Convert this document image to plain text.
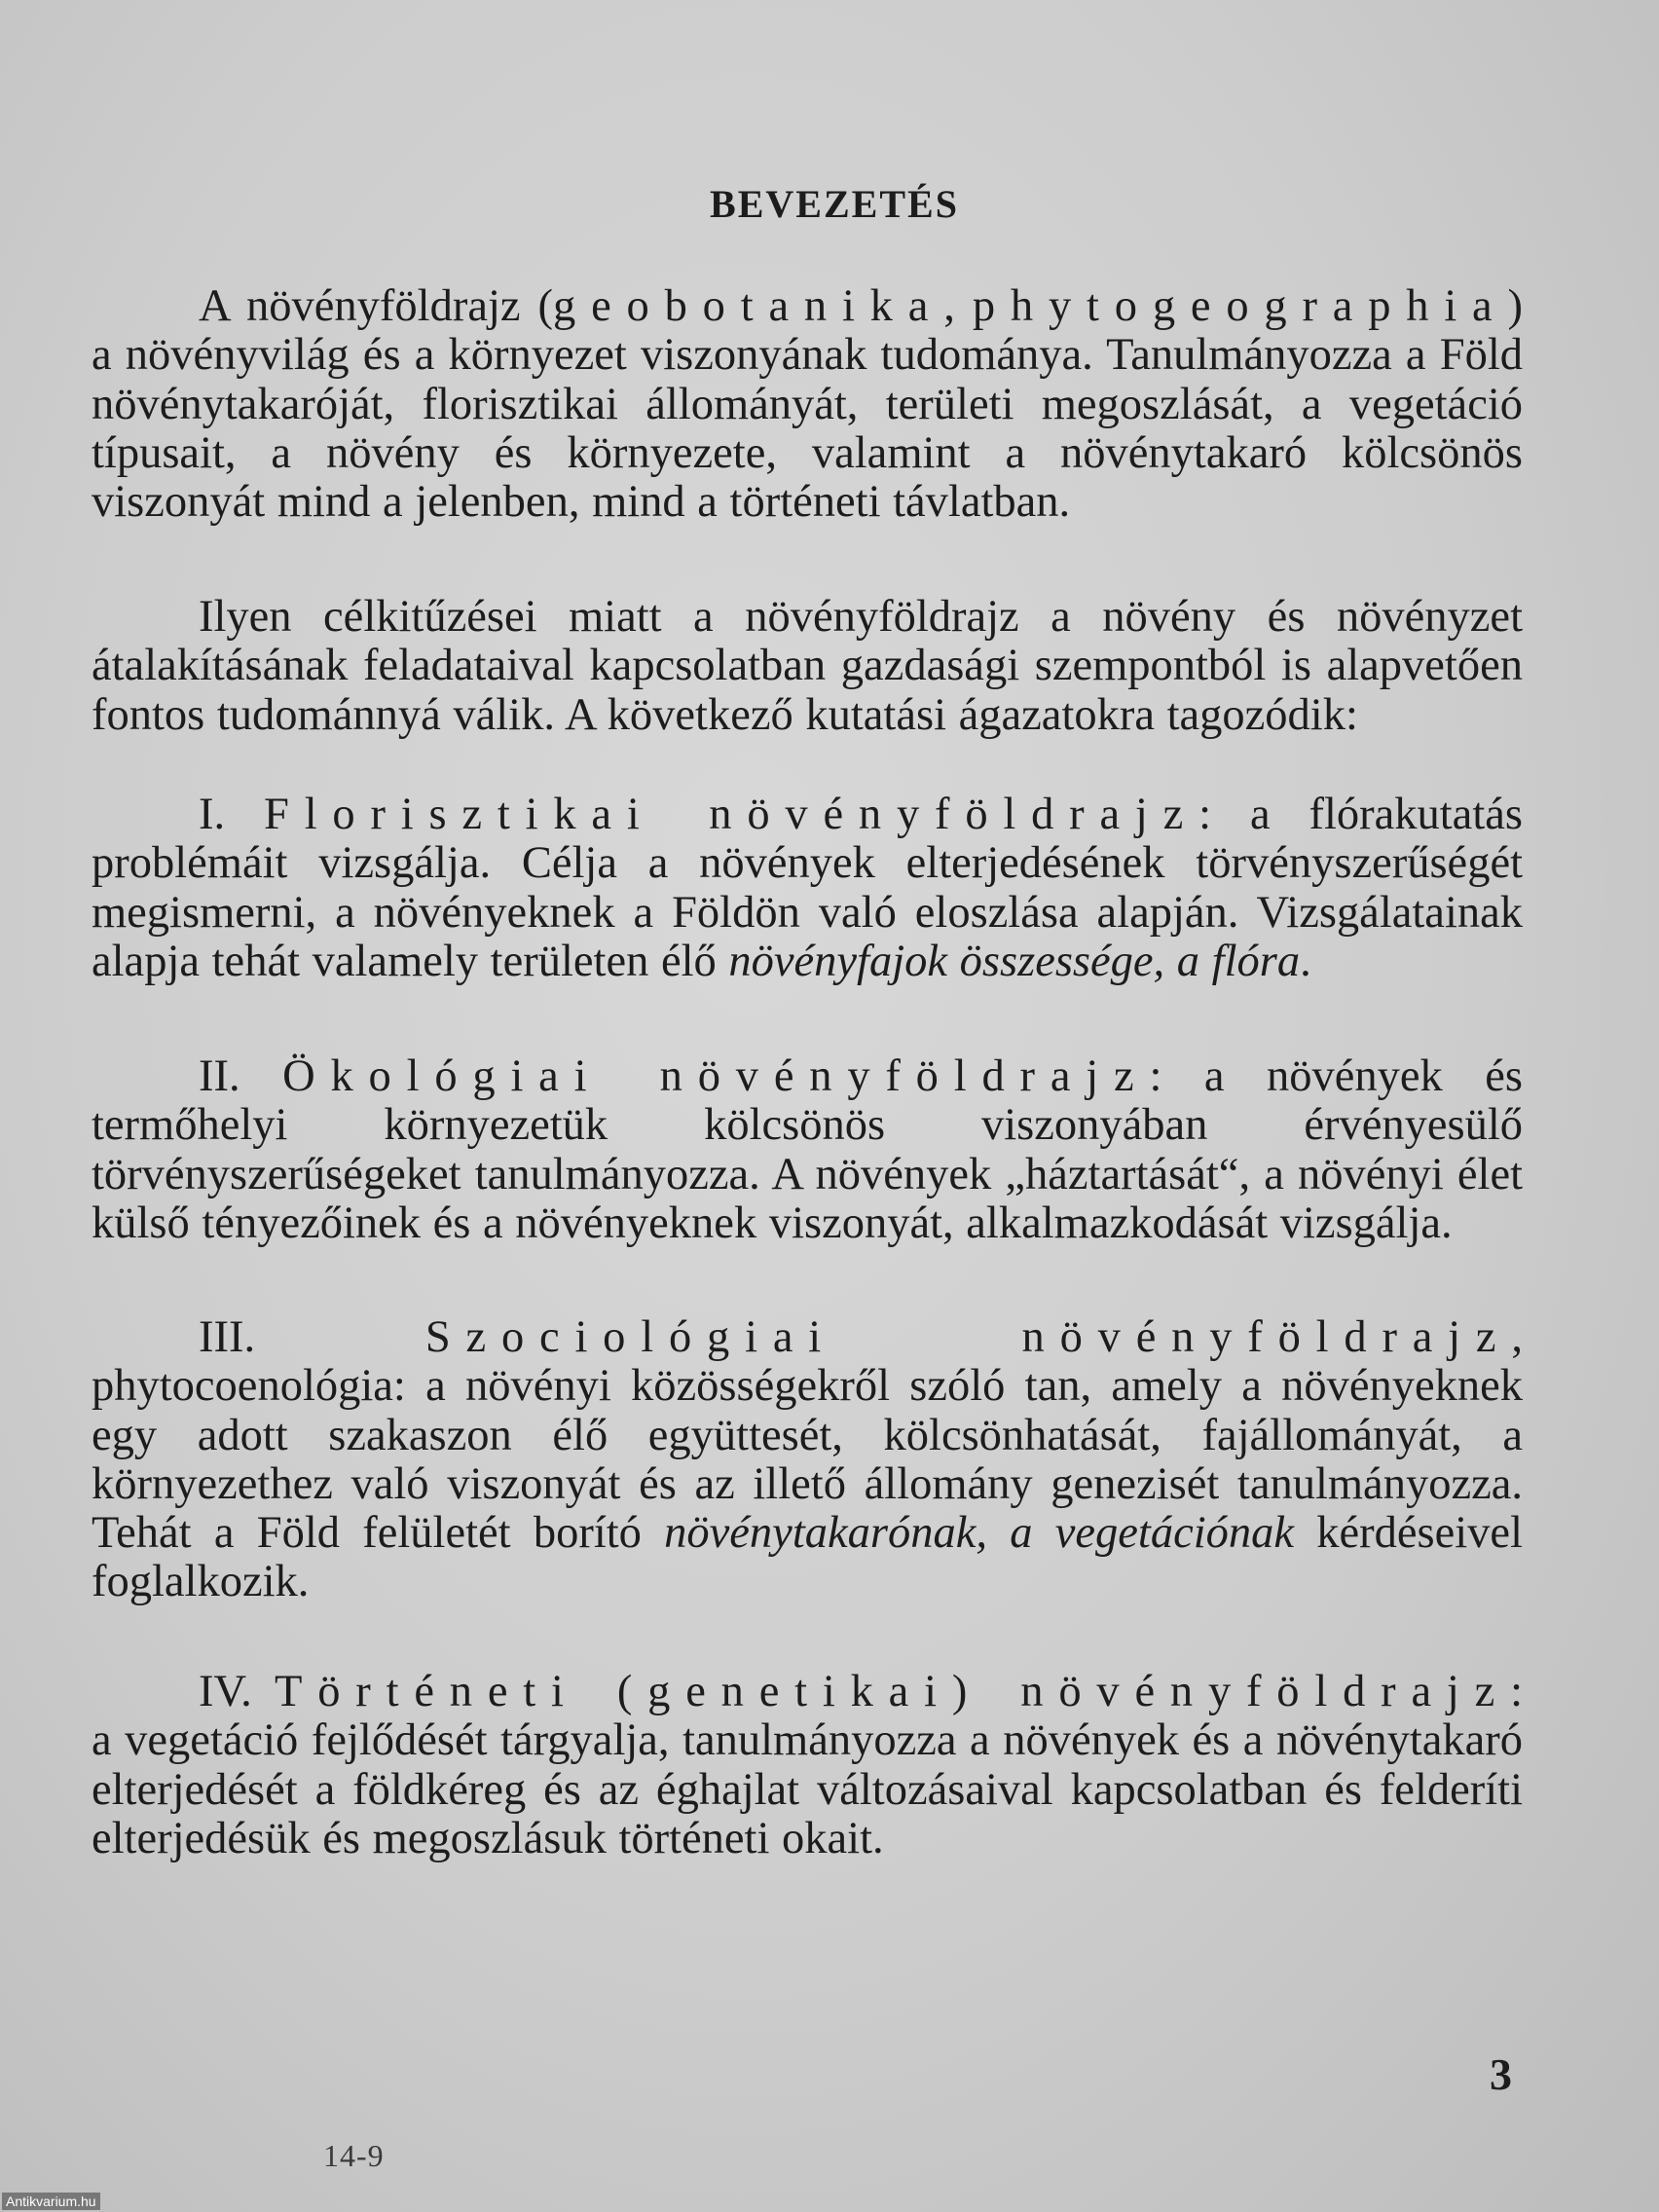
BEVEZETÉS

A növényföldrajz (geobotanika, phytogeographia) a növényvilág és a környezet viszonyának tudománya. Tanulmányozza a Föld növénytakaróját, florisztikai állományát, területi megoszlását, a vegetáció típusait, a növény és környezete, valamint a növénytakaró kölcsönös viszonyát mind a jelenben, mind a történeti távlatban.

Ilyen célkitűzései miatt a növényföldrajz a növény és növényzet átalakításának feladataival kapcsolatban gazdasági szempontból is alapvetően fontos tudománnyá válik. A következő kutatási ágazatokra tagozódik:

I. Florisztikai növényföldrajz: a flórakutatás problémáit vizsgálja. Célja a növények elterjedésének törvényszerűségét megismerni, a növényeknek a Földön való eloszlása alapján. Vizsgálatainak alapja tehát valamely területen élő növényfajok összessége, a flóra.

II. Ökológiai növényföldrajz: a növények és termőhelyi környezetük kölcsönös viszonyában érvényesülő törvényszerűségeket tanulmányozza. A növények „háztartását“, a növényi élet külső tényezőinek és a növényeknek viszonyát, alkalmazkodását vizsgálja.

III. Szociológiai növényföldrajz, phytocoenológia: a növényi közösségekről szóló tan, amely a növényeknek egy adott szakaszon élő együttesét, kölcsönhatását, fajállományát, a környezethez való viszonyát és az illető állomány genezisét tanulmányozza. Tehát a Föld felületét borító növénytakarónak, a vegetációnak kérdéseivel foglalkozik.

IV. Történeti (genetikai) növényföldrajz: a vegetáció fejlődését tárgyalja, tanulmányozza a növények és a növénytakaró elterjedését a földkéreg és az éghajlat változásaival kapcsolatban és felderíti elterjedésük és megoszlásuk történeti okait.

3
14-9
Antikvarium.hu
